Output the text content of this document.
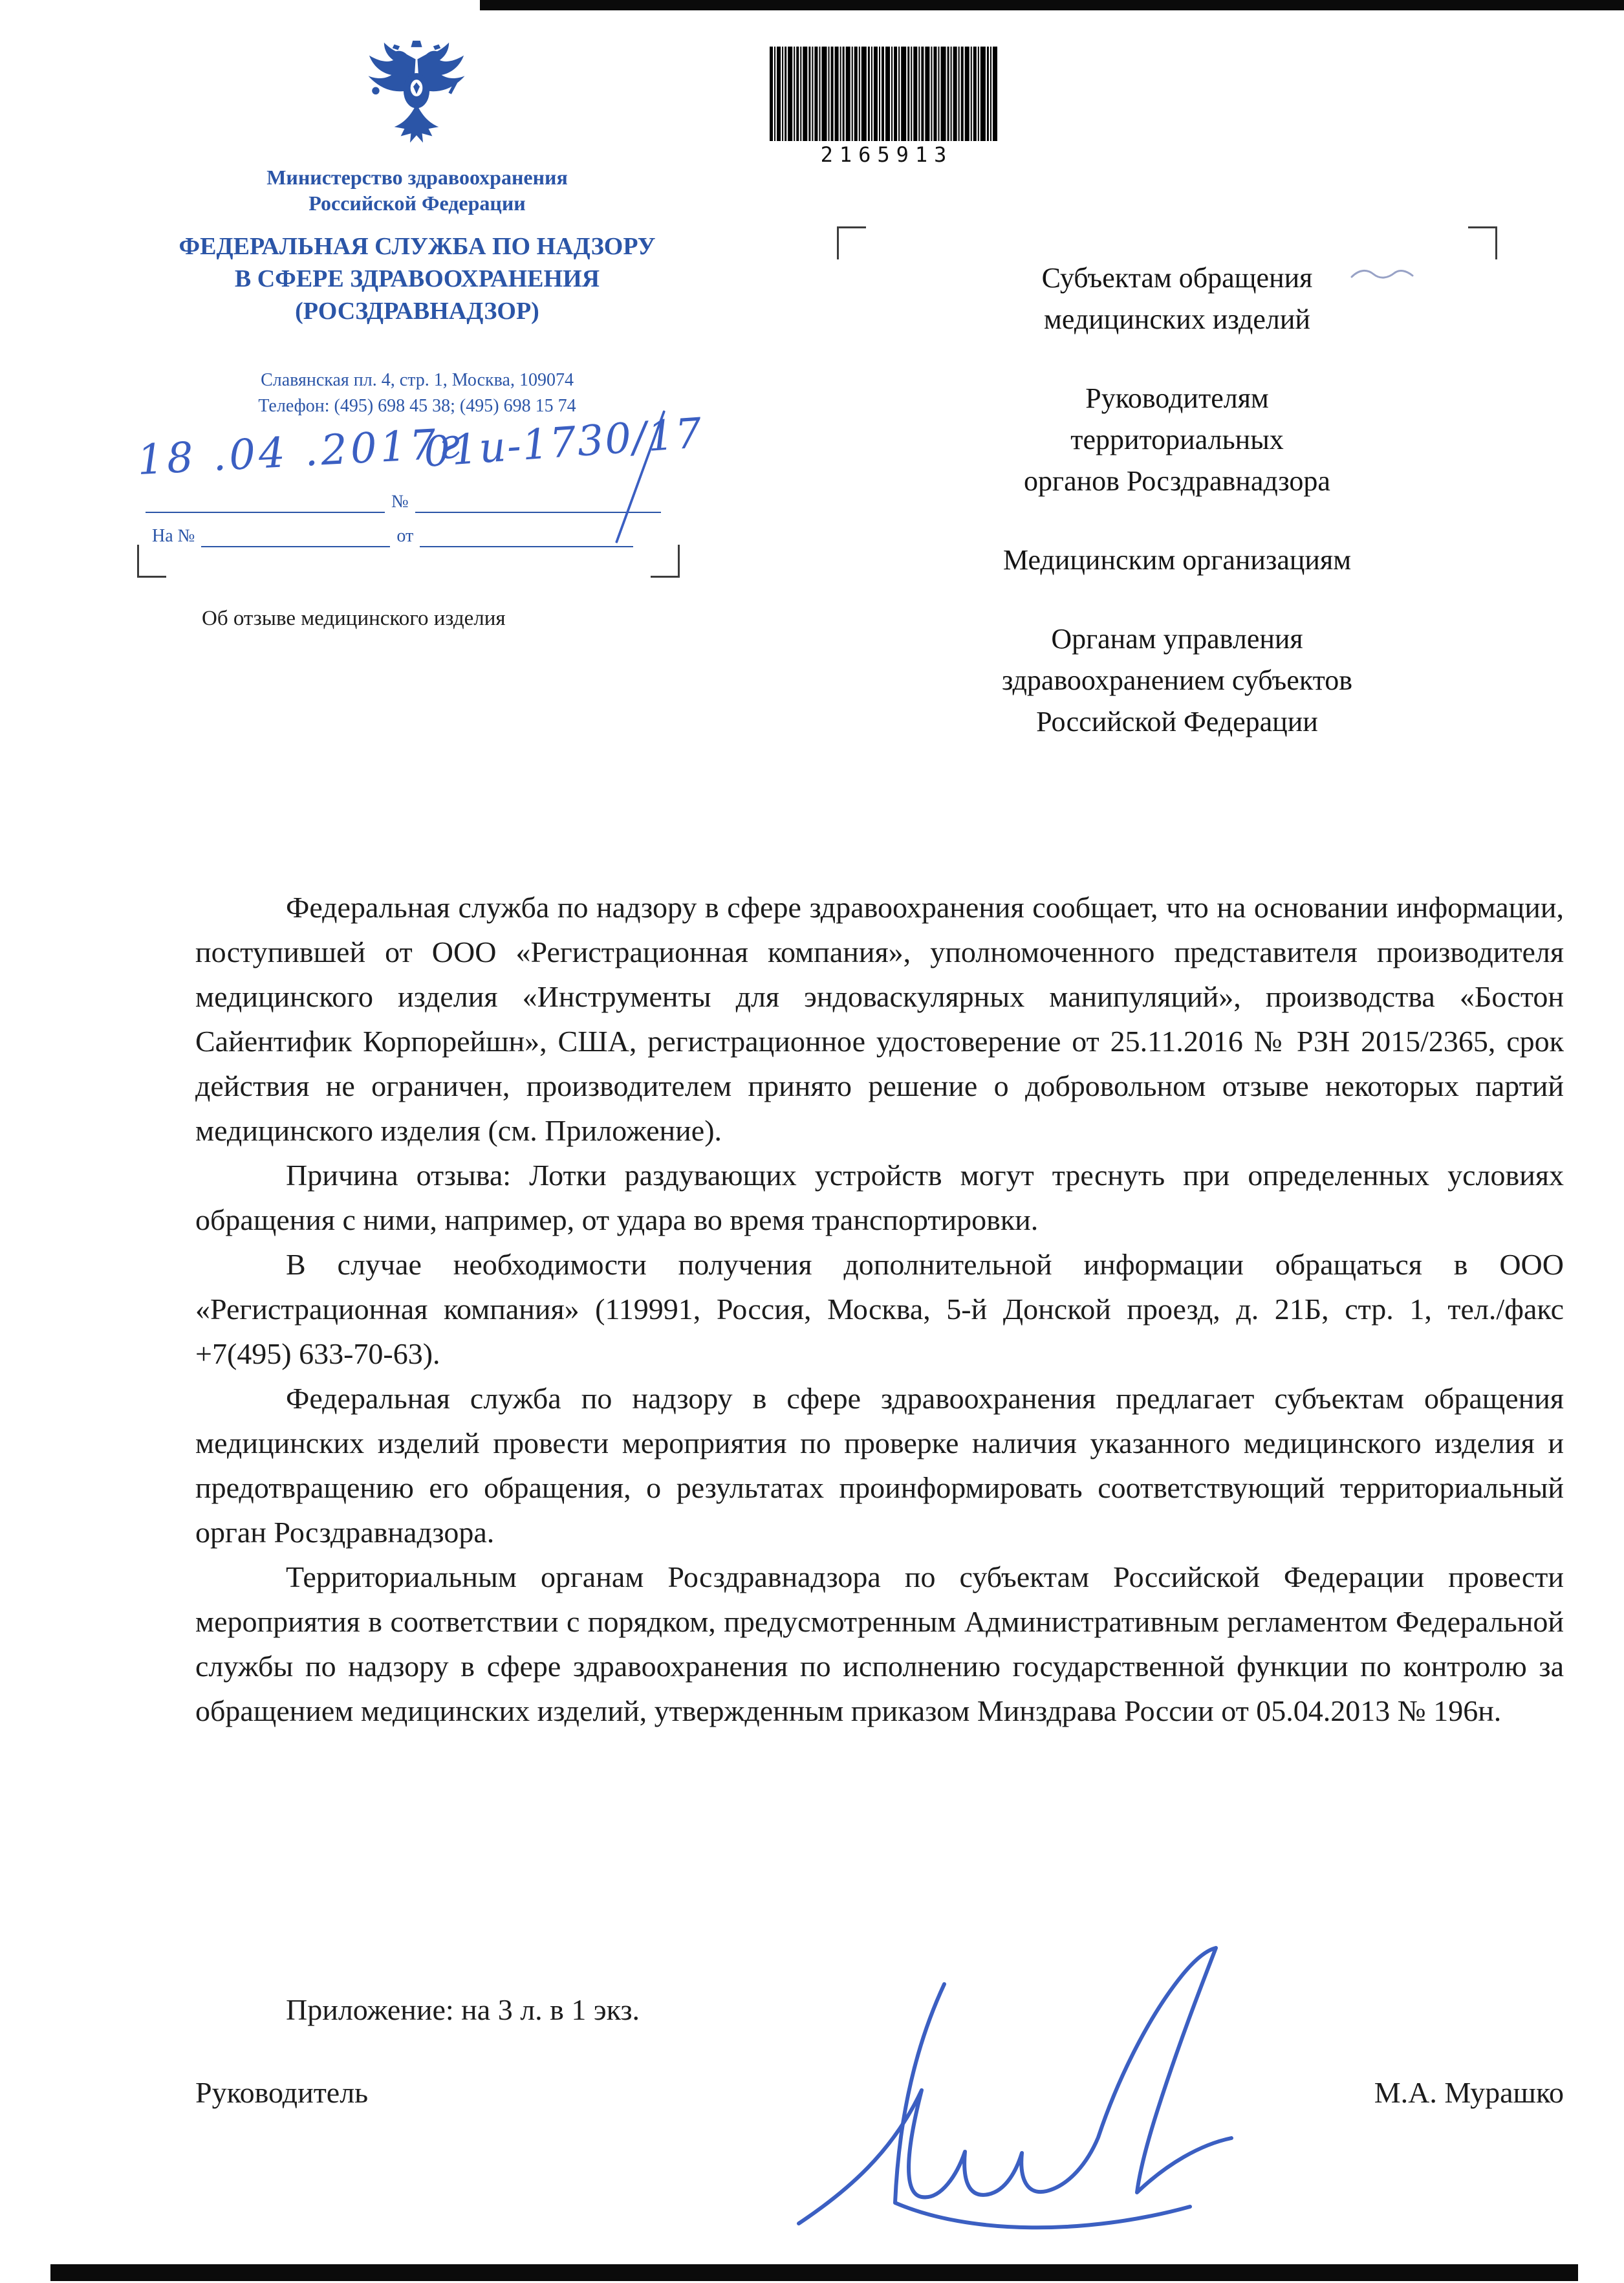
Министерство здравоохранения
Российской Федерации
ФЕДЕРАЛЬНАЯ СЛУЖБА ПО НАДЗОРУ
В СФЕРЕ ЗДРАВООХРАНЕНИЯ
(РОСЗДРАВНАДЗОР)
Славянская пл. 4, стр. 1, Москва, 109074
Телефон: (495) 698 45 38; (495) 698 15 74
№
На №	от
18 .04 .2017г
01и-1730/17
Об отзыве медицинского изделия
2165913
Субъектам обращения
медицинских изделий
Руководителям
территориальных
органов Росздравнадзора
Медицинским организациям
Органам управления
здравоохранением субъектов
Российской Федерации

Федеральная служба по надзору в сфере здравоохранения сообщает, что на основании информации, поступившей от ООО «Регистрационная компания», уполномоченного представителя производителя медицинского изделия «Инструменты для эндоваскулярных манипуляций», производства «Бостон Сайентифик Корпорейшн», США, регистрационное удостоверение от 25.11.2016 № РЗН 2015/2365, срок действия не ограничен, производителем принято решение о добровольном отзыве некоторых партий медицинского изделия (см. Приложение).

Причина отзыва: Лотки раздувающих устройств могут треснуть при определенных условиях обращения с ними, например, от удара во время транспортировки.

В случае необходимости получения дополнительной информации обращаться в ООО «Регистрационная компания» (119991, Россия, Москва, 5-й Донской проезд, д. 21Б, стр. 1, тел./факс +7(495) 633-70-63).

Федеральная служба по надзору в сфере здравоохранения предлагает субъектам обращения медицинских изделий провести мероприятия по проверке наличия указанного медицинского изделия и предотвращению его обращения, о результатах проинформировать соответствующий территориальный орган Росздравнадзора.

Территориальным органам Росздравнадзора по субъектам Российской Федерации провести мероприятия в соответствии с порядком, предусмотренным Административным регламентом Федеральной службы по надзору в сфере здравоохранения по исполнению государственной функции по контролю за обращением медицинских изделий, утвержденным приказом Минздрава России от 05.04.2013 № 196н.

Приложение: на 3 л. в 1 экз.
Руководитель	М.А. Мурашко
